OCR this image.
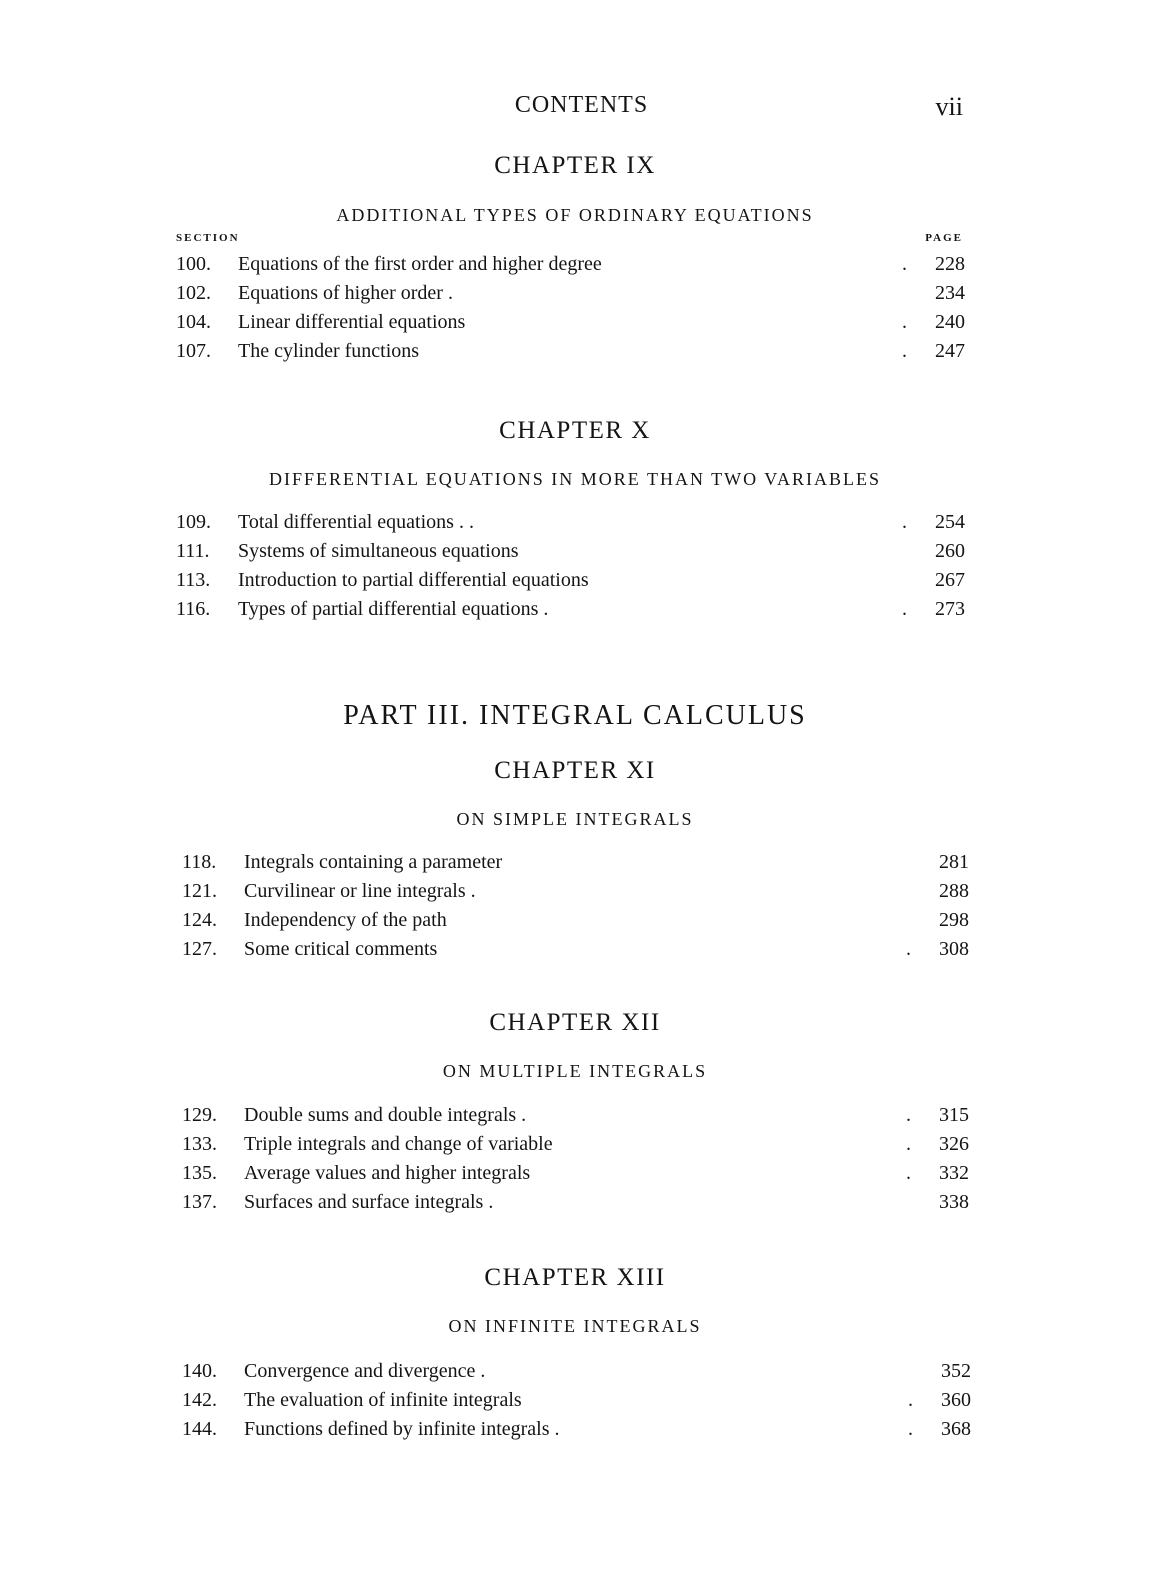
CONTENTS	vii
CHAPTER IX
ADDITIONAL TYPES OF ORDINARY EQUATIONS
SECTION	PAGE
100.	Equations of the first order and higher degree	.	228
102.	Equations of higher order .	234
104.	Linear differential equations	.	240
107.	The cylinder functions	.	247
CHAPTER X
DIFFERENTIAL EQUATIONS IN MORE THAN TWO VARIABLES
109.	Total differential equations . .	.	254
111.	Systems of simultaneous equations	260
113.	Introduction to partial differential equations	267
116.	Types of partial differential equations .	.	273
PART III. INTEGRAL CALCULUS
CHAPTER XI
ON SIMPLE INTEGRALS
118.	Integrals containing a parameter	281
121.	Curvilinear or line integrals .	288
124.	Independency of the path	298
127.	Some critical comments	.	308
CHAPTER XII
ON MULTIPLE INTEGRALS
129.	Double sums and double integrals .	.	315
133.	Triple integrals and change of variable	.	326
135.	Average values and higher integrals	.	332
137.	Surfaces and surface integrals .	338
CHAPTER XIII
ON INFINITE INTEGRALS
140.	Convergence and divergence .	352
142.	The evaluation of infinite integrals	.	360
144.	Functions defined by infinite integrals .	.	368
